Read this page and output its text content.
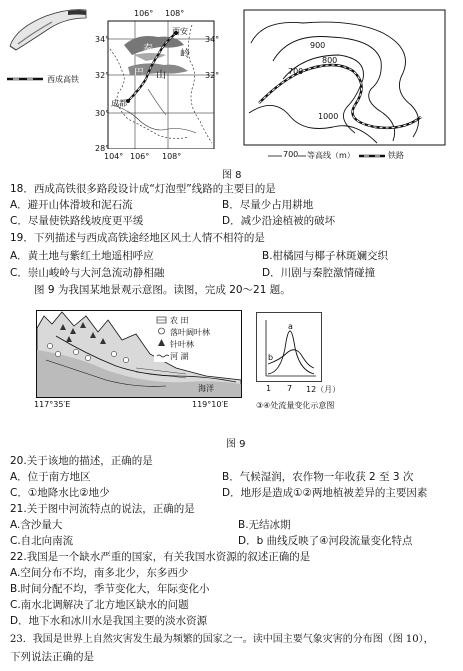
西成高铁
106° 108°
34°	34°
32°	32°
30°
28°
104° 106° 108°
西安
秦	岭
巴 山
成都
900
800
700
1000
700 等高线（m）	铁路
图 8
18．西成高铁很多路段设计成“灯泡型”线路的主要目的是
A．避开山体滑坡和泥石流	B．尽量少占用耕地
C．尽量使铁路线坡度更平缓	D．减少沿途植被的破坏
19．下列描述与西成高铁途经地区风土人情不相符的是
A．黄土地与紫红土地遥相呼应	B.柑橘园与椰子林斑斓交织
C．崇山峻岭与大河急流动静相融	D．川剧与秦腔激情碰撞
图 9 为我国某地景观示意图。读图，完成 20～21 题。
农 田
落叶阔叶林
针叶林
河 湖
海洋
117°35′E	119°10′E
a
b
1 7 12（月）
③④处流量变化示意图
图 9
20.关于该地的描述，正确的是
A．位于南方地区	B．气候湿润，农作物一年收获 2 至 3 次
C．①地降水比②地少	D．地形是造成①②两地植被差异的主要因素
21.关于图中河流特点的说法，正确的是
A.含沙量大	B.无结冰期
C.自北向南流	D．b 曲线反映了④河段流量变化特点
22.我国是一个缺水严重的国家，有关我国水资源的叙述正确的是
A.空间分布不均，南多北少，东多西少
B.时间分配不均，季节变化大，年际变化小
C.南水北调解决了北方地区缺水的问题
D．地下水和冰川水是我国主要的淡水资源
23．我国是世界上自然灾害发生最为频繁的国家之一。读中国主要气象灾害的分布图（图 10），
下列说法正确的是
